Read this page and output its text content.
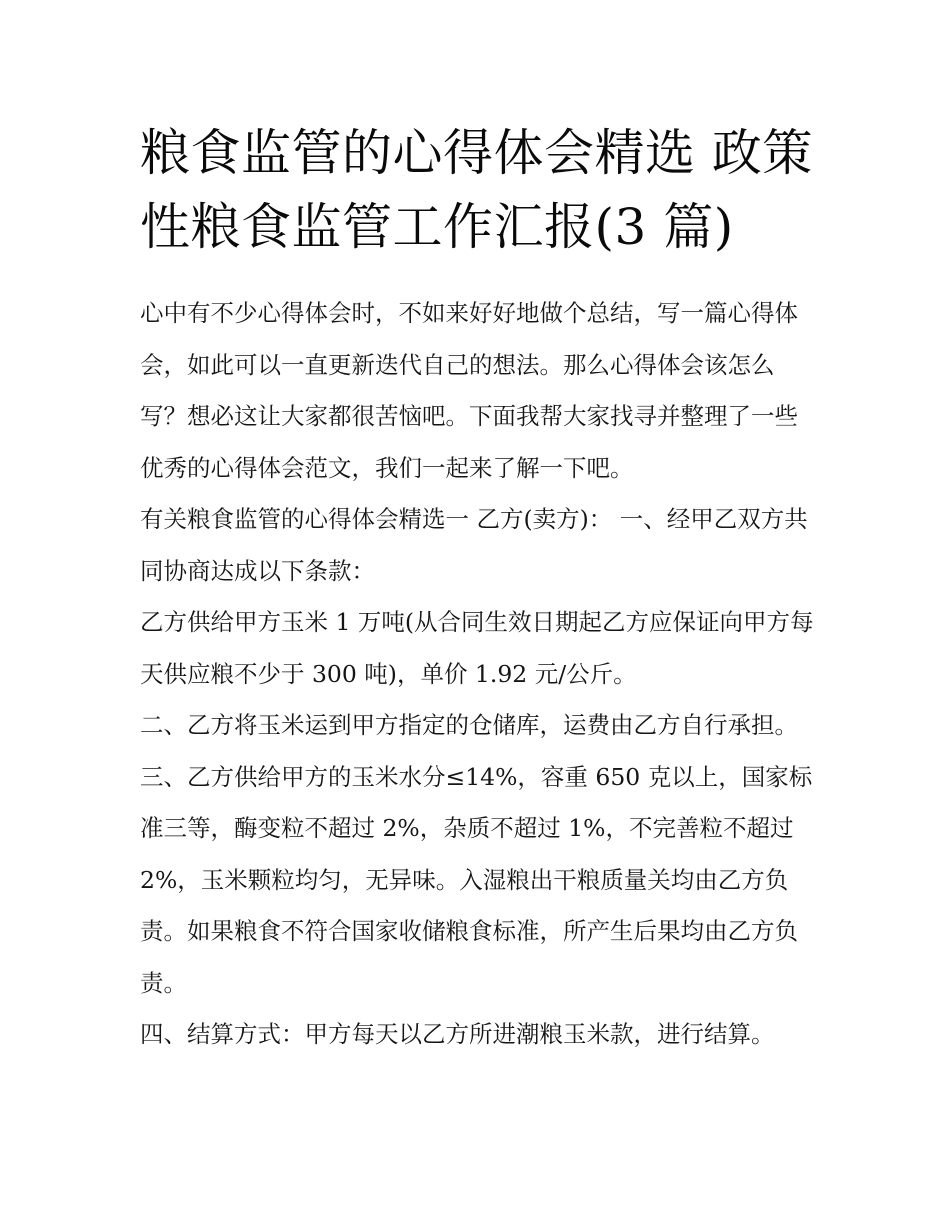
粮食监管的心得体会精选 政策性粮食监管工作汇报(3 篇)

心中有不少心得体会时，不如来好好地做个总结，写一篇心得体会，如此可以一直更新迭代自己的想法。那么心得体会该怎么写？想必这让大家都很苦恼吧。下面我帮大家找寻并整理了一些优秀的心得体会范文，我们一起来了解一下吧。

有关粮食监管的心得体会精选一 乙方(卖方)： 一、经甲乙双方共同协商达成以下条款：

乙方供给甲方玉米 1 万吨(从合同生效日期起乙方应保证向甲方每天供应粮不少于 300 吨)，单价 1.92 元/公斤。

二、乙方将玉米运到甲方指定的仓储库，运费由乙方自行承担。

三、乙方供给甲方的玉米水分≤14%，容重 650 克以上，国家标准三等，酶变粒不超过 2%，杂质不超过 1%，不完善粒不超过 2%，玉米颗粒均匀，无异味。入湿粮出干粮质量关均由乙方负责。如果粮食不符合国家收储粮食标准，所产生后果均由乙方负责。

四、结算方式：甲方每天以乙方所进潮粮玉米款，进行结算。
